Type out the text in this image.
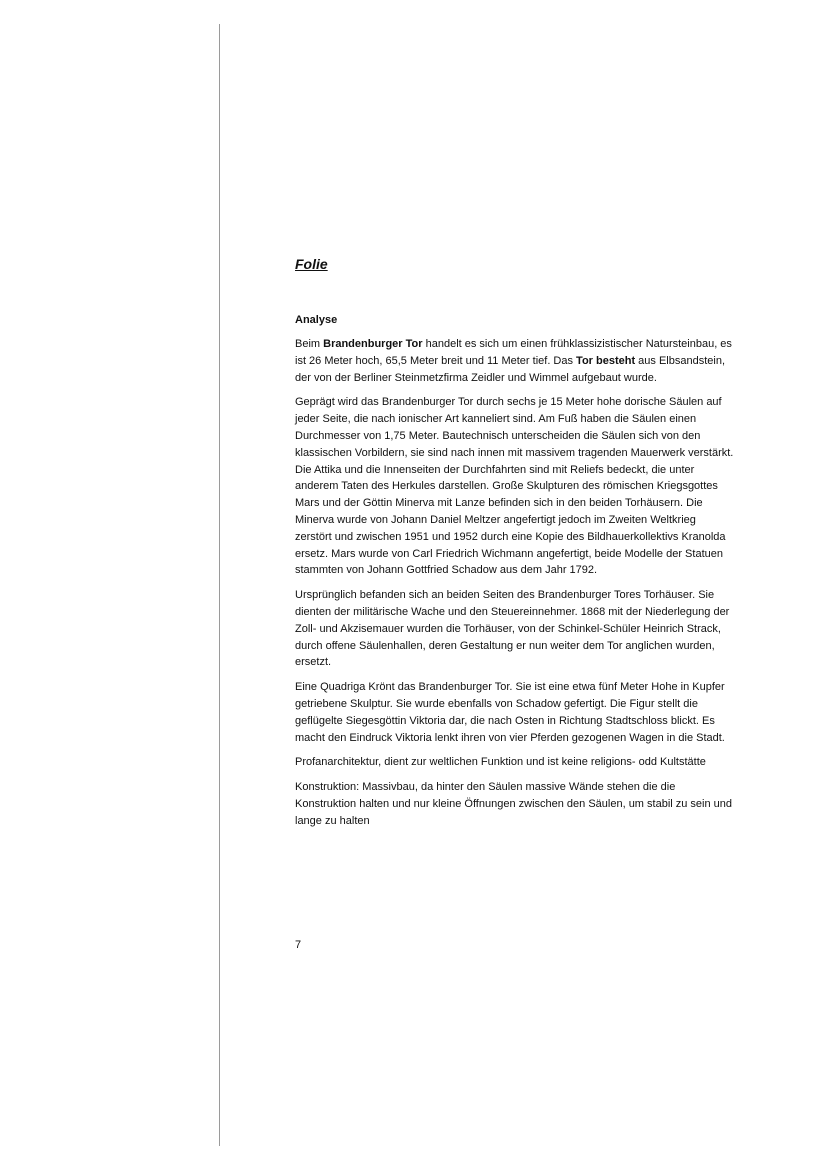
Folie
Analyse

Beim Brandenburger Tor handelt es sich um einen frühklassizistischer Natursteinbau, es ist 26 Meter hoch, 65,5 Meter breit und 11 Meter tief. Das Tor besteht aus Elbsandstein, der von der Berliner Steinmetzfirma Zeidler und Wimmel aufgebaut wurde.

Geprägt wird das Brandenburger Tor durch sechs je 15 Meter hohe dorische Säulen auf jeder Seite, die nach ionischer Art kanneliert sind. Am Fuß haben die Säulen einen Durchmesser von 1,75 Meter. Bautechnisch unterscheiden die Säulen sich von den klassischen Vorbildern, sie sind nach innen mit massivem tragenden Mauerwerk verstärkt. Die Attika und die Innenseiten der Durchfahrten sind mit Reliefs bedeckt, die unter anderem Taten des Herkules darstellen. Große Skulpturen des römischen Kriegsgottes Mars und der Göttin Minerva mit Lanze befinden sich in den beiden Torhäusern. Die Minerva wurde von Johann Daniel Meltzer angefertigt jedoch im Zweiten Weltkrieg zerstört und zwischen 1951 und 1952 durch eine Kopie des Bildhauerkollektivs Kranolda ersetz. Mars wurde von Carl Friedrich Wichmann angefertigt, beide Modelle der Statuen stammten von Johann Gottfried Schadow aus dem Jahr 1792.

Ursprünglich befanden sich an beiden Seiten des Brandenburger Tores Torhäuser. Sie dienten der militärische Wache und den Steuereinnehmer. 1868 mit der Niederlegung der Zoll- und Akzisemauer wurden die Torhäuser, von der Schinkel-Schüler Heinrich Strack, durch offene Säulenhallen, deren Gestaltung er nun weiter dem Tor anglichen wurden, ersetzt.

Eine Quadriga Krönt das Brandenburger Tor. Sie ist eine etwa fünf Meter Hohe in Kupfer getriebene Skulptur. Sie wurde ebenfalls von Schadow gefertigt. Die Figur stellt die geflügelte Siegesgöttin Viktoria dar, die nach Osten in Richtung Stadtschloss blickt. Es macht den Eindruck Viktoria lenkt ihren von vier Pferden gezogenen Wagen in die Stadt.

Profanarchitektur, dient zur weltlichen Funktion und ist keine religions- odd Kultstätte

Konstruktion: Massivbau, da hinter den Säulen massive Wände stehen die die Konstruktion halten und nur kleine Öffnungen zwischen den Säulen, um stabil zu sein und lange zu halten

7
